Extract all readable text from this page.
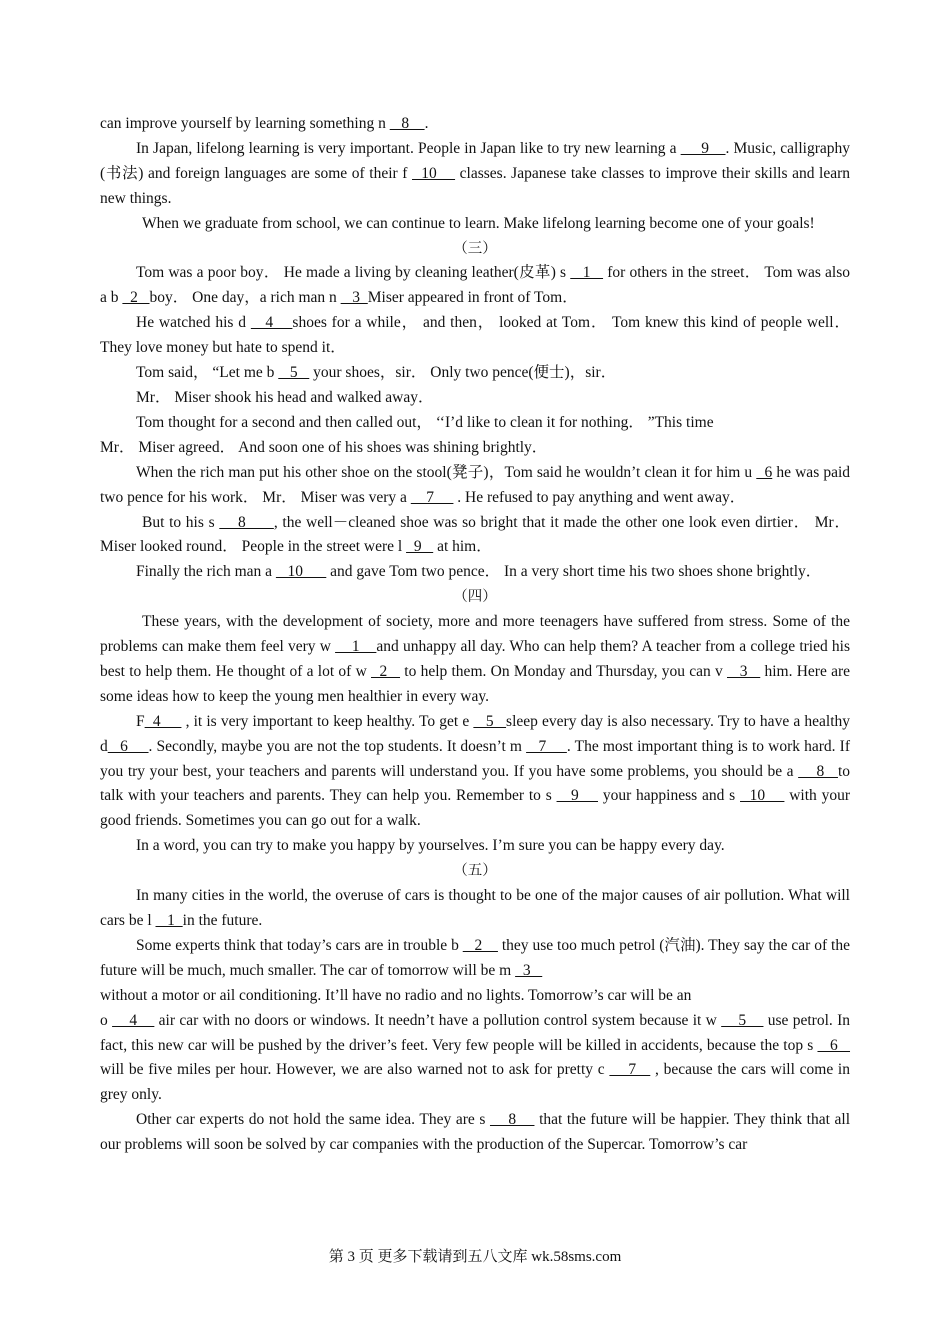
can improve yourself by learning something n    8    .

In Japan, lifelong learning is very important. People in Japan like to try new learning a      9    . Music, calligraphy (书法) and foreign languages are some of their f   10     classes. Japanese take classes to improve their skills and learn new things.

When we graduate from school, we can continue to learn. Make lifelong learning become one of your goals!

（三）

Tom was a poor boy． He made a living by cleaning leather(皮革) s    1    for others in the street． Tom was also a b   2   boy． One day，a rich man n    3  Miser appeared in front of Tom．

He watched his d    4    shoes for a while， and then， looked at Tom． Tom knew this kind of people well． They love money but hate to spend it．

Tom said， “Let me b    5    your shoes，sir． Only two pence(便士)，sir．

Mr． Miser shook his head and walked away．

Tom thought for a second and then called out， ‘‘I’d like to clean it for nothing． ”This time

Mr． Miser agreed． And soon one of his shoes was shining brightly．

When the rich man put his other shoe on the stool(凳子)，Tom said he wouldn’t clean it for him u   6 he was paid two pence for his work． Mr． Miser was very a     7      . He refused to pay anything and went away．

But to his s     8      , the well－cleaned shoe was so bright that it made the other one look even dirtier． Mr． Miser looked round． People in the street were l   9    at him．

Finally the rich man a    10       and gave Tom two pence． In a very short time his two shoes shone brightly．

（四）

These years, with the development of society, more and more teenagers have suffered from stress. Some of the problems can make them feel very w     1    and unhappy all day. Who can help them? A teacher from a college tried his best to help them. He thought of a lot of w   2    to help them. On Monday and Thursday, you can v    3    him. Here are some ideas how to keep the young men healthier in every way.

F  4      , it is very important to keep healthy. To get e    5   sleep every day is also necessary. Try to have a healthy d   6     . Secondly, maybe you are not the top students. It doesn’t m    7     . The most important thing is to work hard. If you try your best, your teachers and parents will understand you. If you have some problems, you should be a     8   to talk with your teachers and parents. They can help you. Remember to s    9     your happiness and s   10     with your good friends. Sometimes you can go out for a walk.

In a word, you can try to make you happy by yourselves. I’m sure you can be happy every day.

（五）

In many cities in the world, the overuse of cars is thought to be one of the major causes of air pollution. What will cars be l    1  in the future.

Some experts think that today’s cars are in trouble b    2     they use too much petrol (汽油). They say the car of the future will be much, much smaller. The car of tomorrow will be m   3

without a motor or ail conditioning. It’ll have no radio and no lights. Tomorrow’s car will be an

o     4     air car with no doors or windows. It needn’t have a pollution control system because it w     5     use petrol. In fact, this new car will be pushed by the driver’s feet. Very few people will be killed in accidents, because the top s    6    will be five miles per hour. However, we are also warned not to ask for pretty c     7    , because the cars will come in grey only.

Other car experts do not hold the same idea. They are s     8     that the future will be happier. They think that all our problems will soon be solved by car companies with the production of the Supercar. Tomorrow’s car

第 3 页 更多下载请到五八文库 wk.58sms.com
